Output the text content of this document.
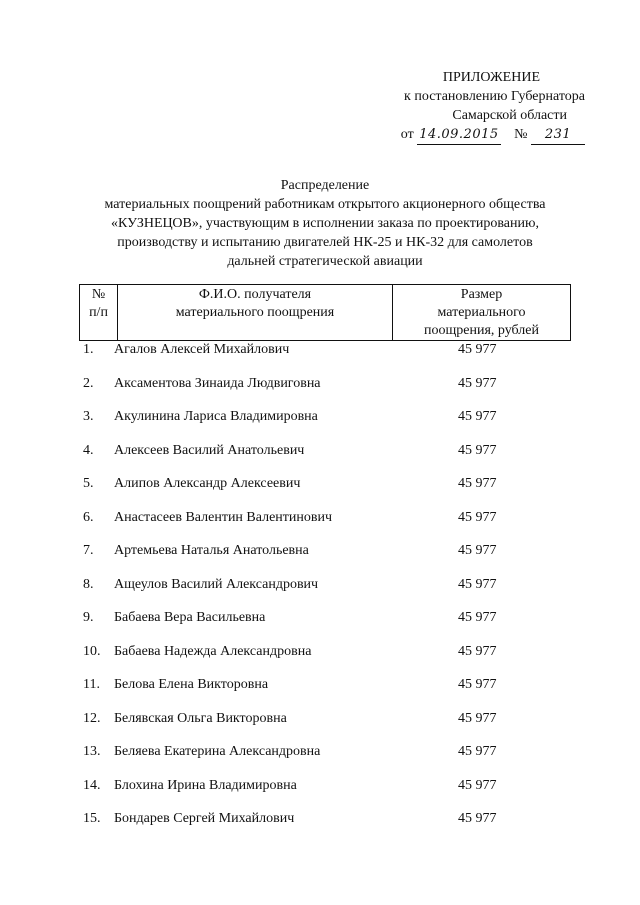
ПРИЛОЖЕНИЕ
к постановлению Губернатора
Самарской области
от 14.09.2015 № 231
Распределение
материальных поощрений работникам открытого акционерного общества
«КУЗНЕЦОВ», участвующим в исполнении заказа по проектированию,
производству и испытанию двигателей НК-25 и НК-32 для самолетов
дальней стратегической авиации
№
п/п

Ф.И.О. получателя
материального поощрения

Размер
материального
поощрения, рублей
1.	Агалов Алексей Михайлович	45 977
2.	Аксаментова Зинаида Людвиговна	45 977
3.	Акулинина Лариса Владимировна	45 977
4.	Алексеев Василий Анатольевич	45 977
5.	Алипов Александр Алексеевич	45 977
6.	Анастасеев Валентин Валентинович	45 977
7.	Артемьева Наталья Анатольевна	45 977
8.	Ащеулов Василий Александрович	45 977
9.	Бабаева Вера Васильевна	45 977
10. Бабаева Надежда Александровна	45 977
11.	Белова Елена Викторовна	45 977
12. Белявская Ольга Викторовна	45 977
13. Беляева Екатерина Александровна	45 977
14. Блохина Ирина Владимировна	45 977
15. Бондарев Сергей Михайлович	45 977
